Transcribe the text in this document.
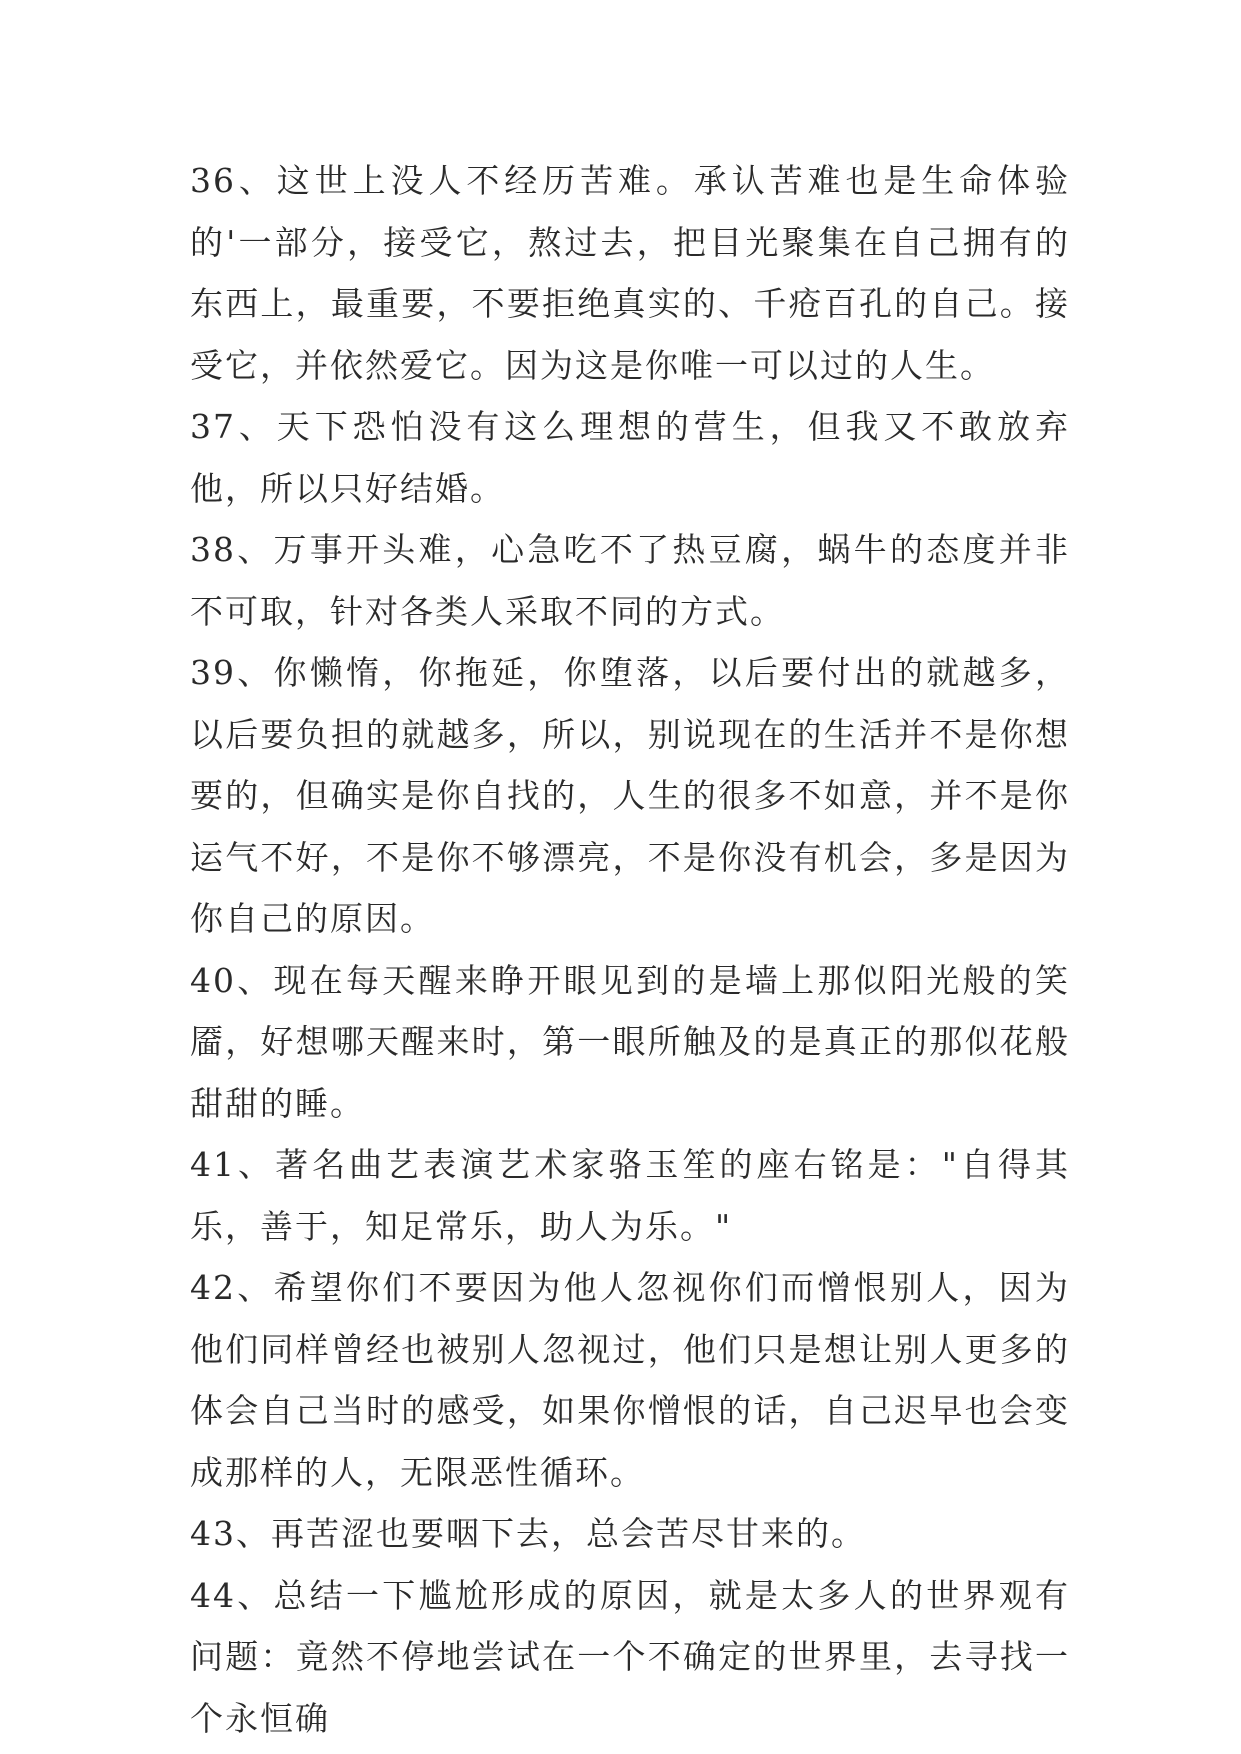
36、这世上没人不经历苦难。承认苦难也是生命体验的'一部分，接受它，熬过去，把目光聚集在自己拥有的东西上，最重要，不要拒绝真实的、千疮百孔的自己。接受它，并依然爱它。因为这是你唯一可以过的人生。

37、天下恐怕没有这么理想的营生，但我又不敢放弃他，所以只好结婚。

38、万事开头难，心急吃不了热豆腐，蜗牛的态度并非不可取，针对各类人采取不同的方式。

39、你懒惰，你拖延，你堕落，以后要付出的就越多，以后要负担的就越多，所以，别说现在的生活并不是你想要的，但确实是你自找的，人生的很多不如意，并不是你运气不好，不是你不够漂亮，不是你没有机会，多是因为你自己的原因。

40、现在每天醒来睁开眼见到的是墙上那似阳光般的笑靥，好想哪天醒来时，第一眼所触及的是真正的那似花般甜甜的睡。

41、著名曲艺表演艺术家骆玉笙的座右铭是："自得其乐，善于，知足常乐，助人为乐。"

42、希望你们不要因为他人忽视你们而憎恨别人，因为他们同样曾经也被别人忽视过，他们只是想让别人更多的体会自己当时的感受，如果你憎恨的话，自己迟早也会变成那样的人，无限恶性循环。

43、再苦涩也要咽下去，总会苦尽甘来的。

44、总结一下尴尬形成的原因，就是太多人的世界观有问题：竟然不停地尝试在一个不确定的世界里，去寻找一个永恒确
